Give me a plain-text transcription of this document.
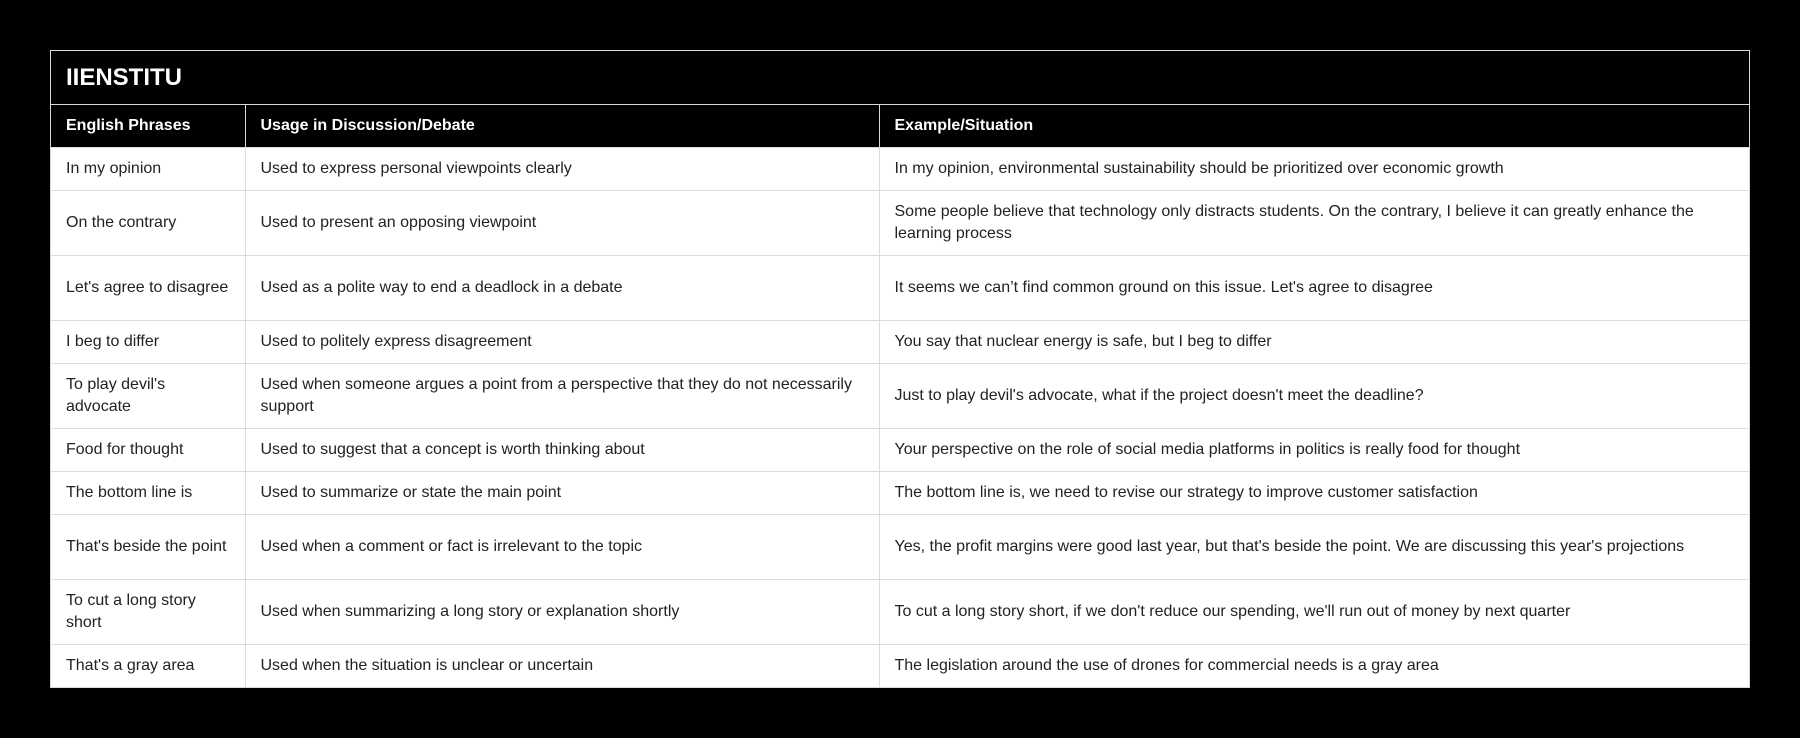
IIENSTITU		
English Phrases	Usage in Discussion/Debate	Example/Situation
In my opinion	Used to express personal viewpoints clearly	In my opinion, environmental sustainability should be prioritized over economic growth
On the contrary	Used to present an opposing viewpoint	Some people believe that technology only distracts students. On the contrary, I believe it can greatly enhance the learning process
Let's agree to disagree	Used as a polite way to end a deadlock in a debate	It seems we can’t find common ground on this issue. Let's agree to disagree
I beg to differ	Used to politely express disagreement	You say that nuclear energy is safe, but I beg to differ
To play devil's advocate	Used when someone argues a point from a perspective that they do not necessarily support	Just to play devil's advocate, what if the project doesn't meet the deadline?
Food for thought	Used to suggest that a concept is worth thinking about	Your perspective on the role of social media platforms in politics is really food for thought
The bottom line is	Used to summarize or state the main point	The bottom line is, we need to revise our strategy to improve customer satisfaction
That's beside the point	Used when a comment or fact is irrelevant to the topic	Yes, the profit margins were good last year, but that's beside the point. We are discussing this year's projections
To cut a long story short	Used when summarizing a long story or explanation shortly	To cut a long story short, if we don't reduce our spending, we'll run out of money by next quarter
That's a gray area	Used when the situation is unclear or uncertain	The legislation around the use of drones for commercial needs is a gray area
